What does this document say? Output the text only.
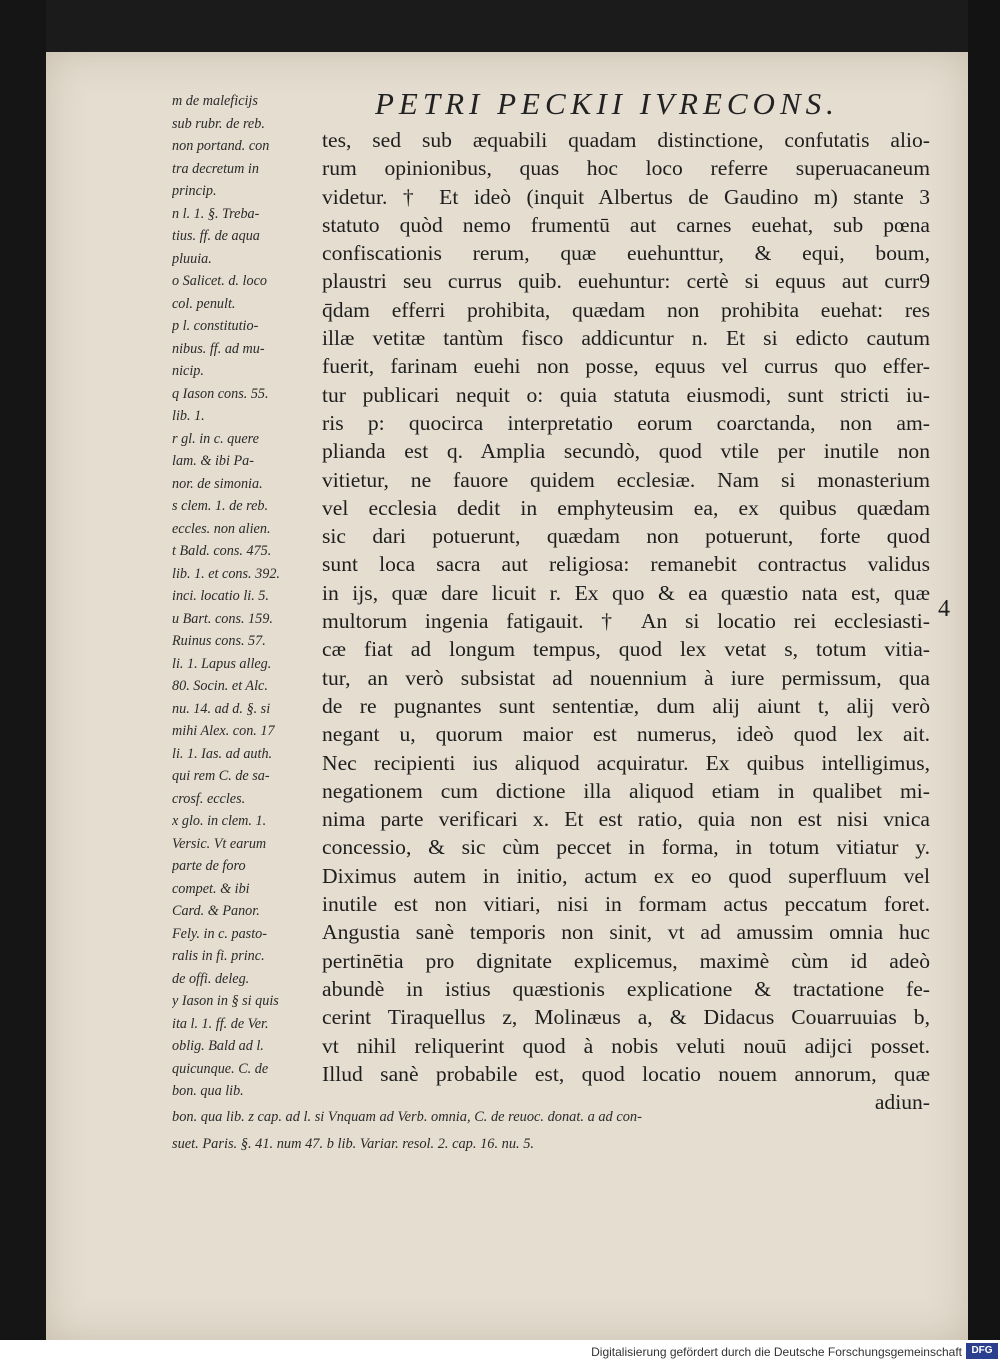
PETRI PECKII IVRECONS.
m de maleficijs
sub rubr. de reb.
non portand. con
tra decretum in
princip.
n l. 1. §. Treba-
tius. ff. de aqua
pluuia.
o Salicet. d. loco
col. penult.
p l. constitutio-
nibus. ff. ad mu-
nicip.
q Iason cons. 55.
lib. 1.
r gl. in c. quere
lam. & ibi Pa-
nor. de simonia.
s clem. 1. de reb.
eccles. non alien.
t Bald. cons. 475.
lib. 1. et cons. 392.
inci. locatio li. 5.
u Bart. cons. 159.
Ruinus cons. 57.
li. 1. Lapus alleg.
80. Socin. et Alc.
nu. 14. ad d. §. si
mihi Alex. con. 17
li. 1. Ias. ad auth.
qui rem C. de sa-
crosf. eccles.
x glo. in clem. 1.
Versic. Vt earum
parte de foro
compet. & ibi
Card. & Panor.
Fely. in c. pasto-
ralis in fi. princ.
de offi. deleg.
y Iason in § si quis
ita l. 1. ff. de Ver.
oblig. Bald ad l.
quicunque. C. de
bon. qua lib.
tes, sed sub æquabili quadam distinctione, confutatis alio-
rum opinionibus, quas hoc loco referre superuacaneum
videtur. † Et ideò (inquit Albertus de Gaudino m) stante 3
statuto quòd nemo frumentū aut carnes euehat, sub pœna
confiscationis rerum, quæ euehunttur, & equi, boum,
plaustri seu currus quib. euehuntur: certè si equus aut curr9
q̄dam efferri prohibita, quædam non prohibita euehat: res
illæ vetitæ tantùm fisco addicuntur n. Et si edicto cautum
fuerit, farinam euehi non posse, equus vel currus quo effer-
tur publicari nequit o: quia statuta eiusmodi, sunt stricti iu-
ris p: quocirca interpretatio eorum coarctanda, non am-
plianda est q. Amplia secundò, quod vtile per inutile non
vitietur, ne fauore quidem ecclesiæ. Nam si monasterium
vel ecclesia dedit in emphyteusim ea, ex quibus quædam
sic dari potuerunt, quædam non potuerunt, forte quod
sunt loca sacra aut religiosa: remanebit contractus validus
in ijs, quæ dare licuit r. Ex quo & ea quæstio nata est, quæ
multorum ingenia fatigauit. † An si locatio rei ecclesiasti-
cæ fiat ad longum tempus, quod lex vetat s, totum vitia-
tur, an verò subsistat ad nouennium à iure permissum, qua
de re pugnantes sunt sententiæ, dum alij aiunt t, alij verò
negant u, quorum maior est numerus, ideò quod lex ait.
Nec recipienti ius aliquod acquiratur. Ex quibus intelligimus,
negationem cum dictione illa aliquod etiam in qualibet mi-
nima parte verificari x. Et est ratio, quia non est nisi vnica
concessio, & sic cùm peccet in forma, in totum vitiatur y.
Diximus autem in initio, actum ex eo quod superfluum vel
inutile est non vitiari, nisi in formam actus peccatum foret.
Angustia sanè temporis non sinit, vt ad amussim omnia huc
pertinētia pro dignitate explicemus, maximè cùm id adeò
abundè in istius quæstionis explicatione & tractatione fe-
cerint Tiraquellus z, Molinæus a, & Didacus Couarruuias b,
vt nihil reliquerint quod à nobis veluti nouū adijci posset.
Illud sanè probabile est, quod locatio nouem annorum, quæ
adiun-
4
bon. qua lib. z cap. ad l. si Vnquam ad Verb. omnia, C. de reuoc. donat. a ad con-
suet. Paris. §. 41. num 47. b lib. Variar. resol. 2. cap. 16. nu. 5.
Digitalisierung gefördert durch die Deutsche Forschungsgemeinschaft DFG
